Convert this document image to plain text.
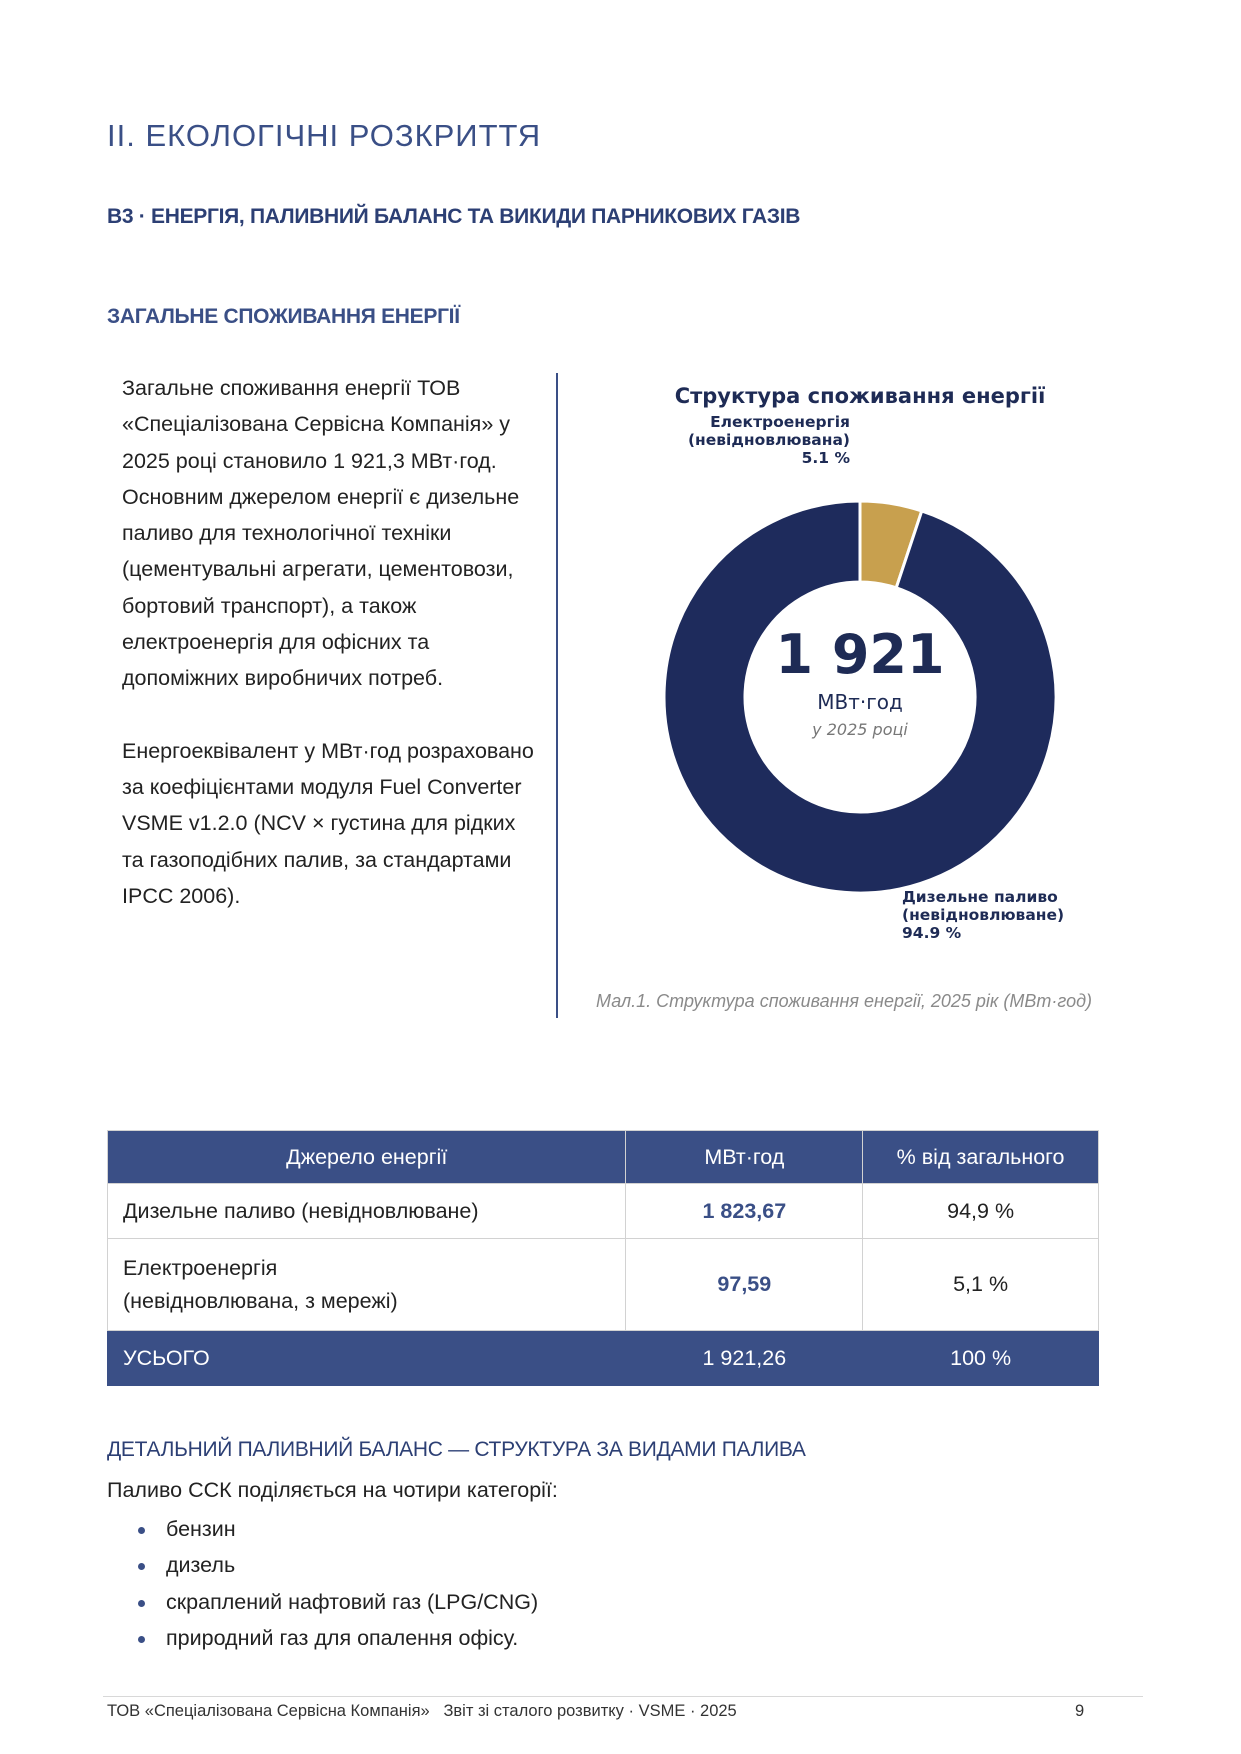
ІІ. ЕКОЛОГІЧНІ РОЗКРИТТЯ
B3 · ЕНЕРГІЯ, ПАЛИВНИЙ БАЛАНС ТА ВИКИДИ ПАРНИКОВИХ ГАЗІВ
ЗАГАЛЬНЕ СПОЖИВАННЯ ЕНЕРГІЇ

Загальне споживання енергії ТОВ «Спеціалізована Сервісна Компанія» у 2025 році становило 1 921,3 МВт·год. Основним джерелом енергії є дизельне паливо для технологічної техніки (цементувальні агрегати, цементовози, бортовий транспорт), а також електроенергія для офісних та допоміжних виробничих потреб.

Енергоеквівалент у МВт·год розраховано за коефіцієнтами модуля Fuel Converter VSME v1.2.0 (NCV × густина для рідких та газоподібних палив, за стандартами IPCC 2006).

Структура споживання енергії
Електроенергія
(невідновлювана)
5.1 %
Дизельне паливо
(невідновлюване)
94.9 %
1 921
МВт·год
у 2025 році
Мал.1. Структура споживання енергії, 2025 рік (МВт·год)
Джерело енергії	МВт·год	% від загального
Дизельне паливо (невідновлюване)	1 823,67	94,9 %

Електроенергія
(невідновлювана, з мережі)	97,59	5,1 %
УСЬОГО	1 921,26	100 %
ДЕТАЛЬНИЙ ПАЛИВНИЙ БАЛАНС — СТРУКТУРА ЗА ВИДАМИ ПАЛИВА
Паливо ССК поділяється на чотири категорії:
бензин
дизель
скраплений нафтовий газ (LPG/CNG)
природний газ для опалення офісу.
ТОВ «Спеціалізована Сервісна Компанія»   Звіт зі сталого розвитку · VSME · 2025	9
